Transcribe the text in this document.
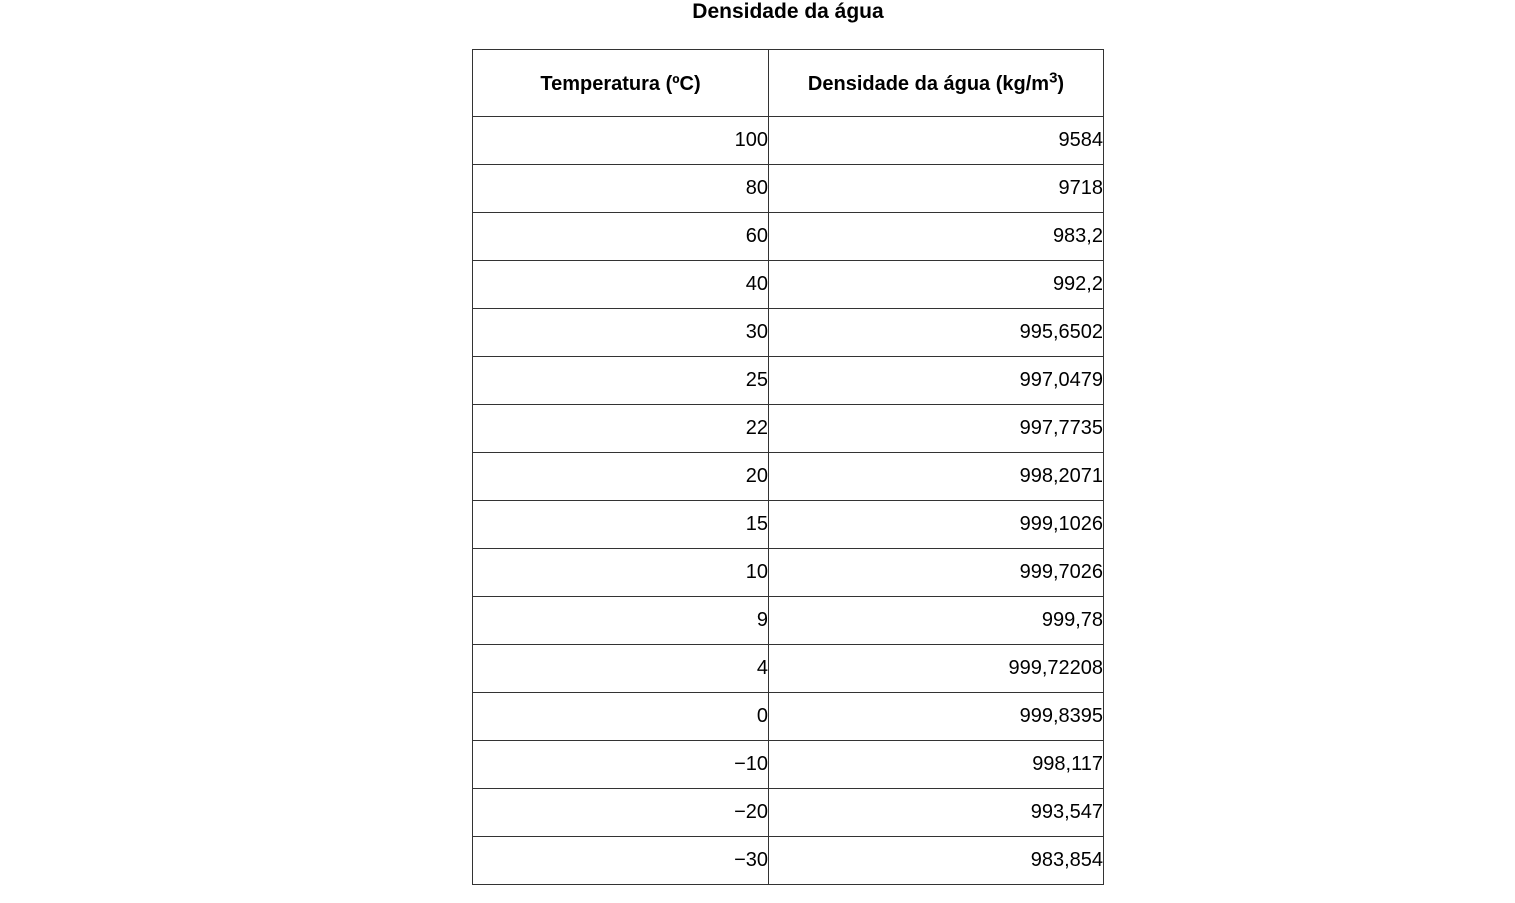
Densidade da água
Temperatura (ºC)	Densidade da água $(kg/m^3)$
100	9584
80	9718
60	983,2
40	992,2
30	995,6502
25	997,0479
22	997,7735
20	998,2071
15	999,1026
10	999,7026
9	999,78
4	999,72208
0	999,8395
−10	998,117
−20	993,547
−30	983,854
